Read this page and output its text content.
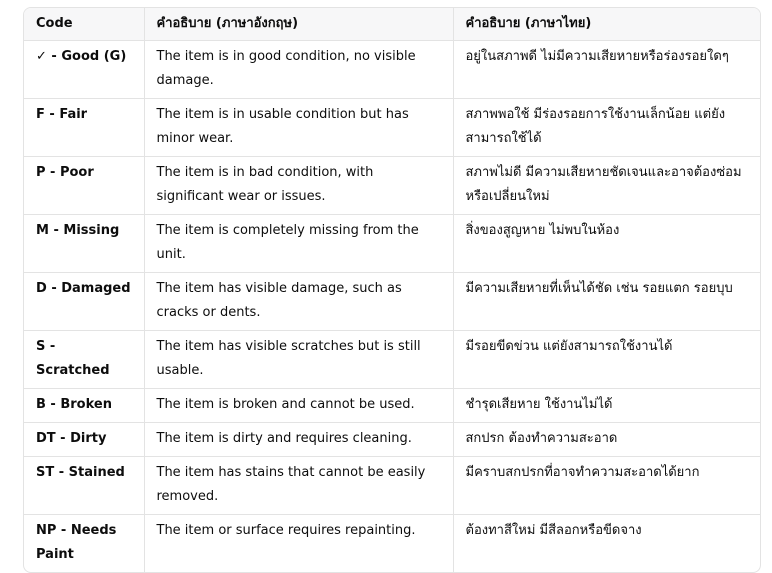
Code	คำอธิบาย (ภาษาอังกฤษ)	คำอธิบาย (ภาษาไทย)
✓ - Good (G)	The item is in good condition, no visible damage.	อยู่ในสภาพดี ไม่มีความเสียหายหรือร่องรอยใดๆ
F - Fair	The item is in usable condition but has minor wear.	สภาพพอใช้ มีร่องรอยการใช้งานเล็กน้อย แต่ยังสามารถใช้ได้
P - Poor	The item is in bad condition, with significant wear or issues.	สภาพไม่ดี มีความเสียหายชัดเจนและอาจต้องซ่อมหรือเปลี่ยนใหม่
M - Missing	The item is completely missing from the unit.	สิ่งของสูญหาย ไม่พบในห้อง
D - Damaged	The item has visible damage, such as cracks or dents.	มีความเสียหายที่เห็นได้ชัด เช่น รอยแตก รอยบุบ
S - Scratched	The item has visible scratches but is still usable.	มีรอยขีดข่วน แต่ยังสามารถใช้งานได้
B - Broken	The item is broken and cannot be used.	ชำรุดเสียหาย ใช้งานไม่ได้
DT - Dirty	The item is dirty and requires cleaning.	สกปรก ต้องทำความสะอาด
ST - Stained	The item has stains that cannot be easily removed.	มีคราบสกปรกที่อาจทำความสะอาดได้ยาก
NP - Needs Paint	The item or surface requires repainting.	ต้องทาสีใหม่ มีสีลอกหรือขีดจาง
